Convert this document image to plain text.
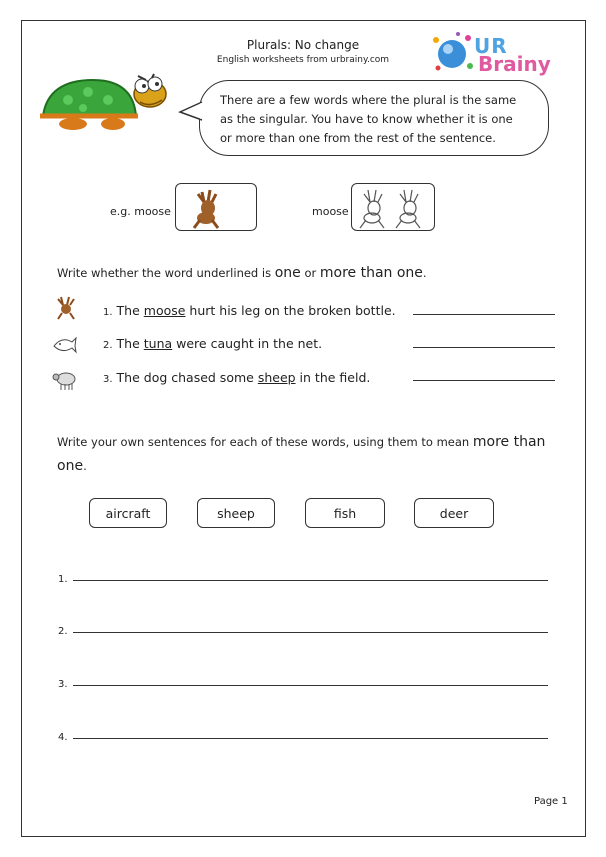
Plurals: No change
English worksheets from urbrainy.com
UR
Brainy
There are a few words where the plural is the same
as the singular. You have to know whether it is one
or more than one from the rest of the sentence.
e.g. moose	moose
Write whether the word underlined is one or more than one.
1. The moose hurt his leg on the broken bottle.
2. The tuna were caught in the net.
3. The dog chased some sheep in the field.
Write your own sentences for each of these words, using them to mean more than
one.
aircraft	sheep	fish	deer
1.
2.
3.
4.
Page 1
